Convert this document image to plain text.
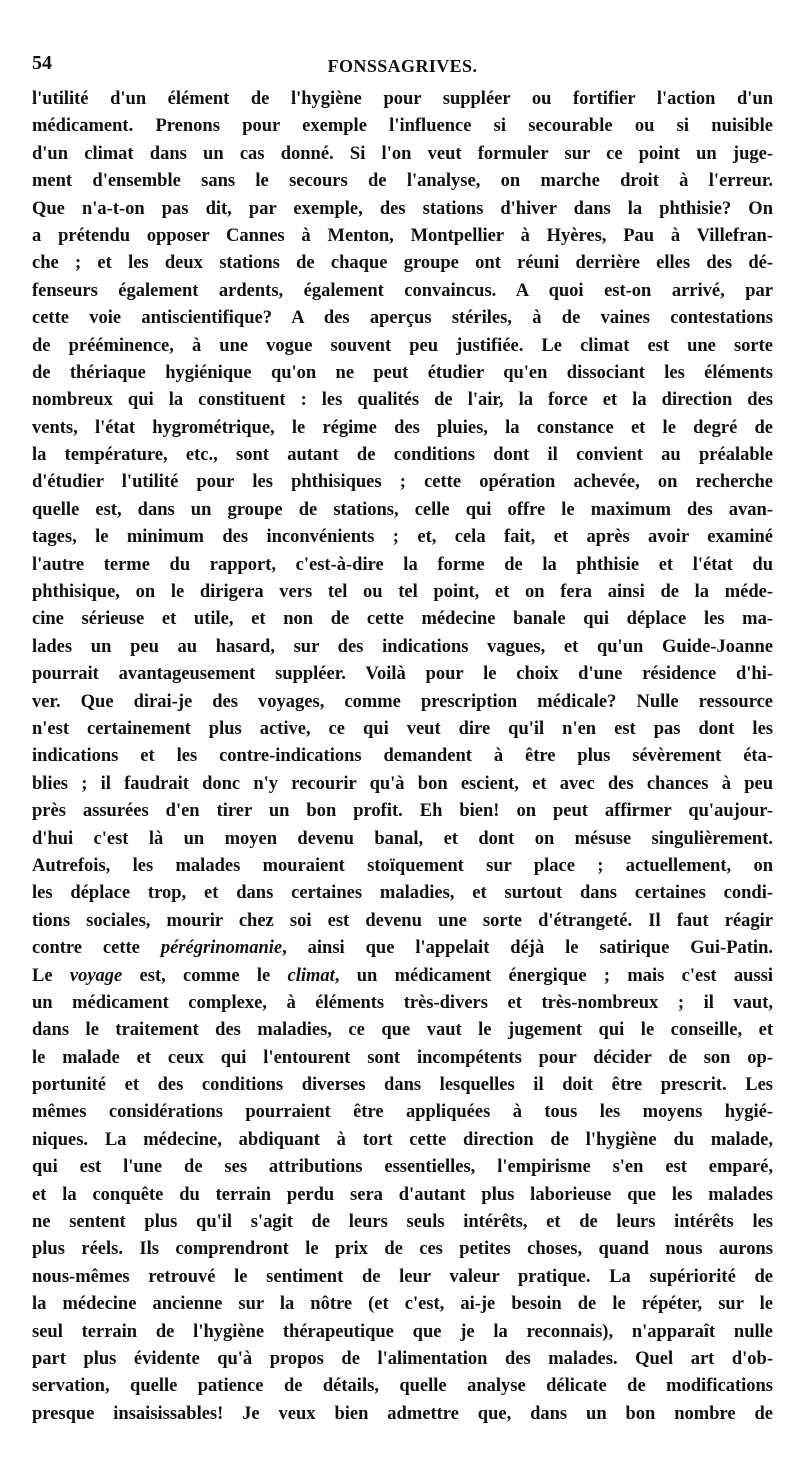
54	FONSSAGRIVES.
l'utilité d'un élément de l'hygiène pour suppléer ou fortifier l'action d'un
médicament. Prenons pour exemple l'influence si secourable ou si nuisible
d'un climat dans un cas donné. Si l'on veut formuler sur ce point un juge-
ment d'ensemble sans le secours de l'analyse, on marche droit à l'erreur.
Que n'a-t-on pas dit, par exemple, des stations d'hiver dans la phthisie? On
a prétendu opposer Cannes à Menton, Montpellier à Hyères, Pau à Villefran-
che ; et les deux stations de chaque groupe ont réuni derrière elles des dé-
fenseurs également ardents, également convaincus. A quoi est-on arrivé, par
cette voie antiscientifique? A des aperçus stériles, à de vaines contestations
de prééminence, à une vogue souvent peu justifiée. Le climat est une sorte
de thériaque hygiénique qu'on ne peut étudier qu'en dissociant les éléments
nombreux qui la constituent : les qualités de l'air, la force et la direction des
vents, l'état hygrométrique, le régime des pluies, la constance et le degré de
la température, etc., sont autant de conditions dont il convient au préalable
d'étudier l'utilité pour les phthisiques ; cette opération achevée, on recherche
quelle est, dans un groupe de stations, celle qui offre le maximum des avan-
tages, le minimum des inconvénients ; et, cela fait, et après avoir examiné
l'autre terme du rapport, c'est-à-dire la forme de la phthisie et l'état du
phthisique, on le dirigera vers tel ou tel point, et on fera ainsi de la méde-
cine sérieuse et utile, et non de cette médecine banale qui déplace les ma-
lades un peu au hasard, sur des indications vagues, et qu'un Guide-Joanne
pourrait avantageusement suppléer. Voilà pour le choix d'une résidence d'hi-
ver. Que dirai-je des voyages, comme prescription médicale? Nulle ressource
n'est certainement plus active, ce qui veut dire qu'il n'en est pas dont les
indications et les contre-indications demandent à être plus sévèrement éta-
blies ; il faudrait donc n'y recourir qu'à bon escient, et avec des chances à peu
près assurées d'en tirer un bon profit. Eh bien! on peut affirmer qu'aujour-
d'hui c'est là un moyen devenu banal, et dont on mésuse singulièrement.
Autrefois, les malades mouraient stoïquement sur place ; actuellement, on
les déplace trop, et dans certaines maladies, et surtout dans certaines condi-
tions sociales, mourir chez soi est devenu une sorte d'étrangeté. Il faut réagir
contre cette pérégrinomanie, ainsi que l'appelait déjà le satirique Gui-Patin.
Le voyage est, comme le climat, un médicament énergique ; mais c'est aussi
un médicament complexe, à éléments très-divers et très-nombreux ; il vaut,
dans le traitement des maladies, ce que vaut le jugement qui le conseille, et
le malade et ceux qui l'entourent sont incompétents pour décider de son op-
portunité et des conditions diverses dans lesquelles il doit être prescrit. Les
mêmes considérations pourraient être appliquées à tous les moyens hygié-
niques. La médecine, abdiquant à tort cette direction de l'hygiène du malade,
qui est l'une de ses attributions essentielles, l'empirisme s'en est emparé,
et la conquête du terrain perdu sera d'autant plus laborieuse que les malades
ne sentent plus qu'il s'agit de leurs seuls intérêts, et de leurs intérêts les
plus réels. Ils comprendront le prix de ces petites choses, quand nous aurons
nous-mêmes retrouvé le sentiment de leur valeur pratique. La supériorité de
la médecine ancienne sur la nôtre (et c'est, ai-je besoin de le répéter, sur le
seul terrain de l'hygiène thérapeutique que je la reconnais), n'apparaît nulle
part plus évidente qu'à propos de l'alimentation des malades. Quel art d'ob-
servation, quelle patience de détails, quelle analyse délicate de modifications
presque insaisissables! Je veux bien admettre que, dans un bon nombre de
